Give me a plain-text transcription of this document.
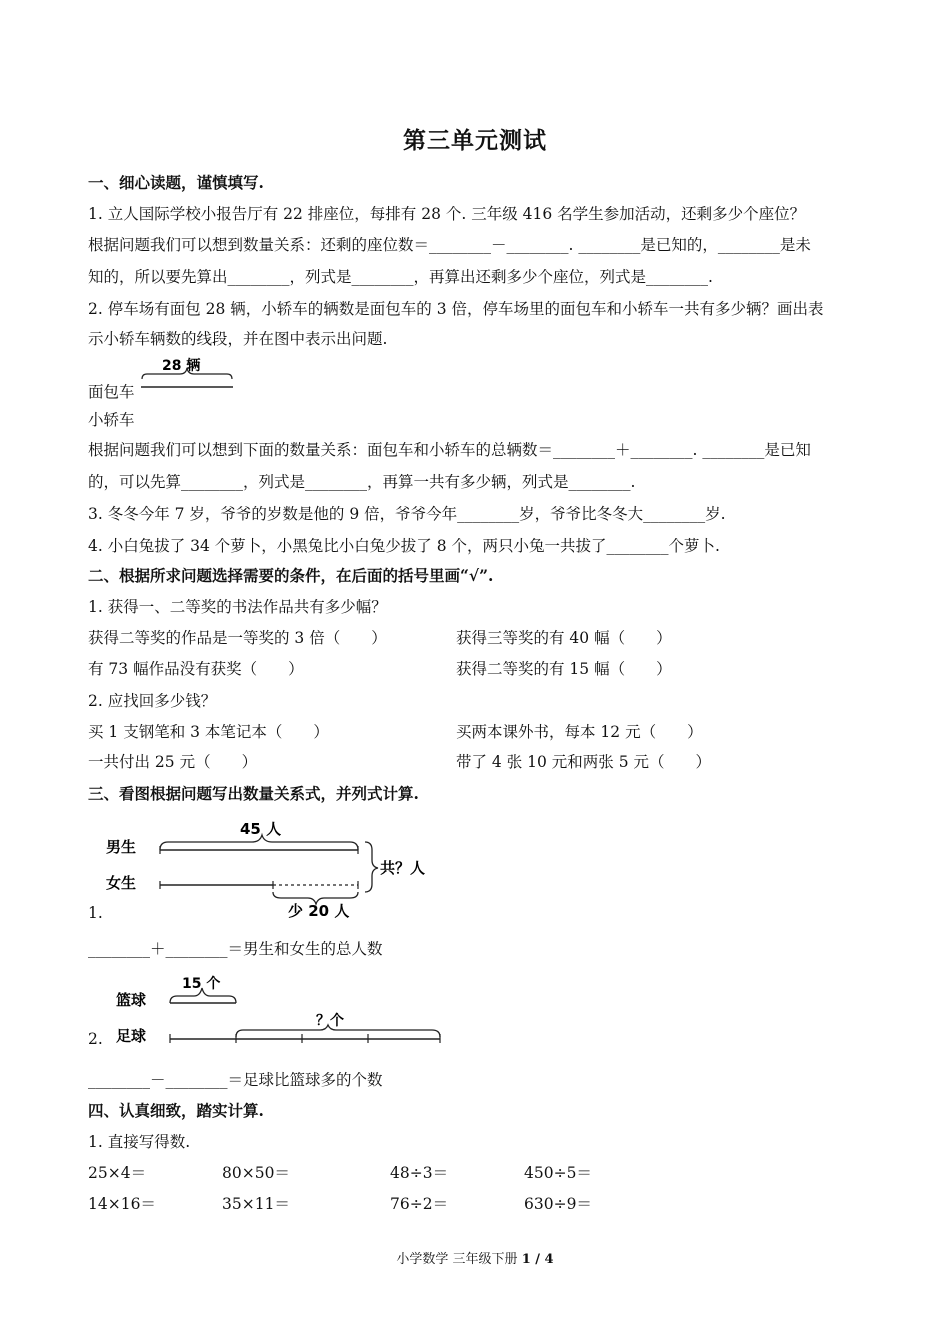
第三单元测试
一、细心读题，谨慎填写.
1. 立人国际学校小报告厅有 22 排座位，每排有 28 个. 三年级 416 名学生参加活动，还剩多少个座位？
根据问题我们可以想到数量关系：还剩的座位数＝________－________. ________是已知的，________是未
知的，所以要先算出________，列式是________，再算出还剩多少个座位，列式是________.
2. 停车场有面包 28 辆，小轿车的辆数是面包车的 3 倍，停车场里的面包车和小轿车一共有多少辆？画出表
示小轿车辆数的线段，并在图中表示出问题.
28 辆
面包车
小轿车
根据问题我们可以想到下面的数量关系：面包车和小轿车的总辆数＝________＋________. ________是已知
的，可以先算________，列式是________，再算一共有多少辆，列式是________.
3. 冬冬今年 7 岁，爷爷的岁数是他的 9 倍，爷爷今年________岁，爷爷比冬冬大________岁.
4. 小白兔拔了 34 个萝卜，小黑兔比小白兔少拔了 8 个，两只小兔一共拔了________个萝卜.
二、根据所求问题选择需要的条件，在后面的括号里画“√”.
1. 获得一、二等奖的书法作品共有多少幅？
获得二等奖的作品是一等奖的 3 倍（　　）	获得三等奖的有 40 幅（　　）
有 73 幅作品没有获奖（　　）	获得二等奖的有 15 幅（　　）
2. 应找回多少钱？
买 1 支钢笔和 3 本笔记本（　　）	买两本课外书，每本 12 元（　　）
一共付出 25 元（　　）	带了 4 张 10 元和两张 5 元（　　）
三、看图根据问题写出数量关系式，并列式计算.
45 人
男生
女生
共？人
少 20 人
1.
________＋________＝男生和女生的总人数
15 个
篮球
足球
？个
2.
________－________＝足球比篮球多的个数
四、认真细致，踏实计算.
1. 直接写得数.
25×4＝	80×50＝	48÷3＝	450÷5＝
14×16＝	35×11＝	76÷2＝	630÷9＝
小学数学 三年级下册 1 / 4
